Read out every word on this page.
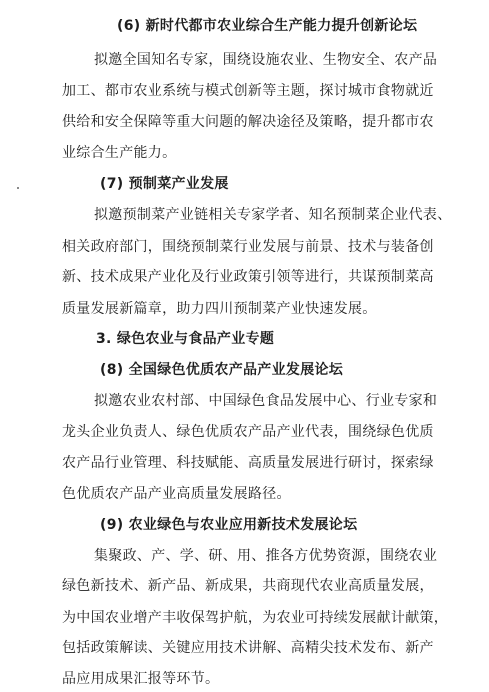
(6) 新时代都市农业综合生产能力提升创新论坛
拟邀全国知名专家，围绕设施农业、生物安全、农产品
加工、都市农业系统与模式创新等主题，探讨城市食物就近
供给和安全保障等重大问题的解决途径及策略，提升都市农
业综合生产能力。
(7) 预制菜产业发展
拟邀预制菜产业链相关专家学者、知名预制菜企业代表、
相关政府部门，围绕预制菜行业发展与前景、技术与装备创
新、技术成果产业化及行业政策引领等进行，共谋预制菜高
质量发展新篇章，助力四川预制菜产业快速发展。
3. 绿色农业与食品产业专题
(8) 全国绿色优质农产品产业发展论坛
拟邀农业农村部、中国绿色食品发展中心、行业专家和
龙头企业负责人、绿色优质农产品产业代表，围绕绿色优质
农产品行业管理、科技赋能、高质量发展进行研讨，探索绿
色优质农产品产业高质量发展路径。
(9) 农业绿色与农业应用新技术发展论坛
集聚政、产、学、研、用、推各方优势资源，围绕农业
绿色新技术、新产品、新成果，共商现代农业高质量发展，
为中国农业增产丰收保驾护航，为农业可持续发展献计献策，
包括政策解读、关键应用技术讲解、高精尖技术发布、新产
品应用成果汇报等环节。
